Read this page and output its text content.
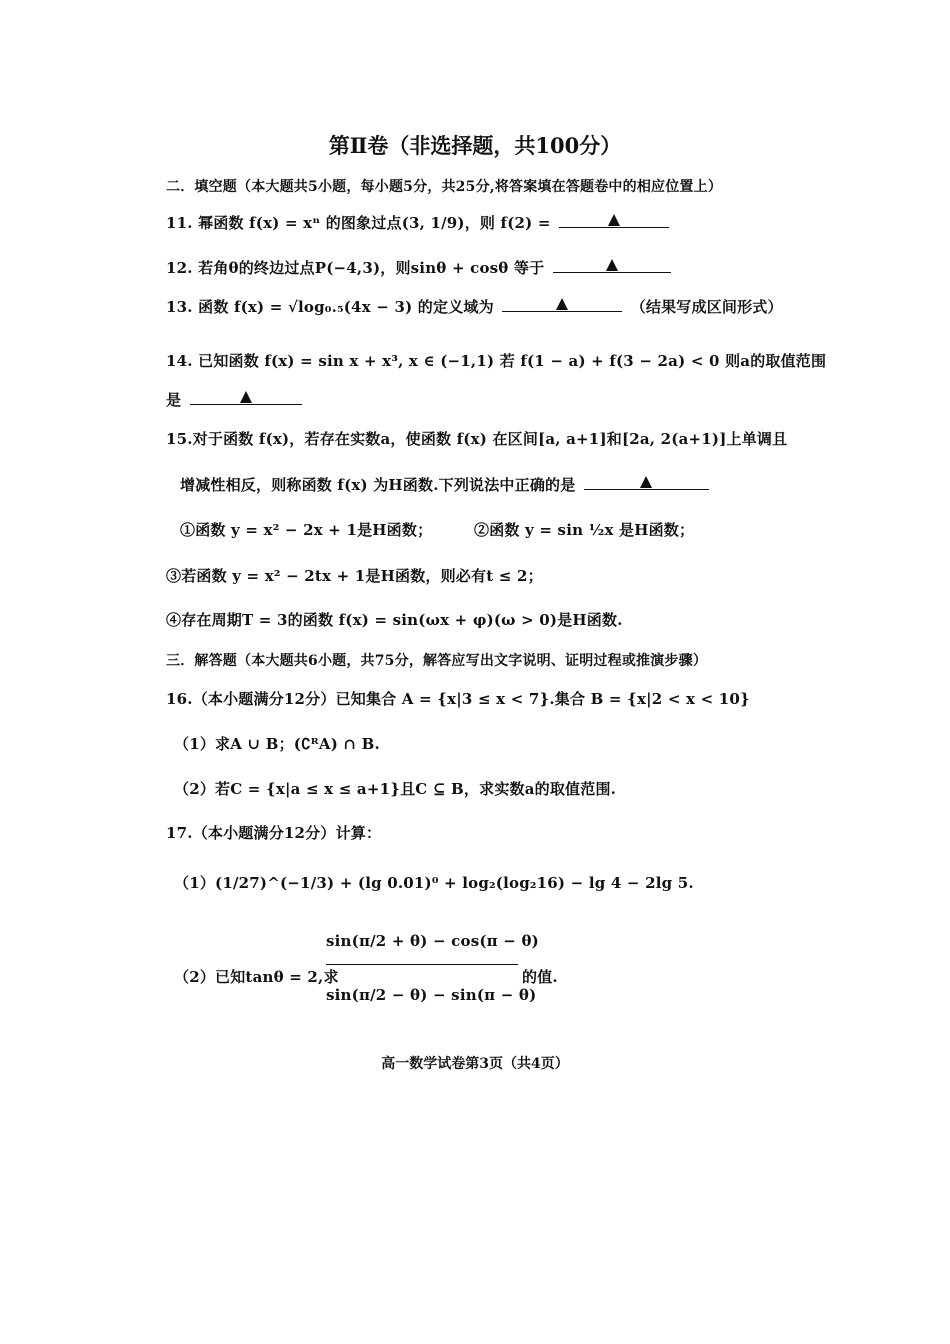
第Ⅱ卷（非选择题，共100分）
二．填空题（本大题共5小题，每小题5分，共25分,将答案填在答题卷中的相应位置上）
11. 幂函数 f(x) = xⁿ 的图象过点(3, 1/9)，则 f(2) =
12. 若角θ的终边过点P(−4,3)，则sinθ + cosθ 等于
13. 函数 f(x) = √log₀.₅(4x − 3) 的定义域为	（结果写成区间形式）
14. 已知函数 f(x) = sin x + x³, x ∈ (−1,1) 若 f(1 − a) + f(3 − 2a) < 0 则a的取值范围
是
15.对于函数 f(x)，若存在实数a，使函数 f(x) 在区间[a, a+1]和[2a, 2(a+1)]上单调且
增减性相反，则称函数 f(x) 为H函数.下列说法中正确的是
①函数 y = x² − 2x + 1是H函数；	②函数 y = sin ½x 是H函数；
③若函数 y = x² − 2tx + 1是H函数，则必有t ≤ 2；
④存在周期T = 3的函数 f(x) = sin(ωx + φ)(ω > 0)是H函数.
三．解答题（本大题共6小题，共75分，解答应写出文字说明、证明过程或推演步骤）
16.（本小题满分12分）已知集合 A = {x|3 ≤ x < 7}.集合 B = {x|2 < x < 10}
（1）求A ∪ B；(∁ᴿA) ∩ B.
（2）若C = {x|a ≤ x ≤ a+1}且C ⊆ B，求实数a的取值范围.
17.（本小题满分12分）计算：
（1）(1/27)^(−1/3) + (lg 0.01)⁰ + log₂(log₂16) − lg 4 − 2lg 5.
（2）已知tanθ = 2,求
sin(π/2 + θ) − cos(π − θ)
sin(π/2 − θ) − sin(π − θ)
的值.
高一数学试卷第3页（共4页）
